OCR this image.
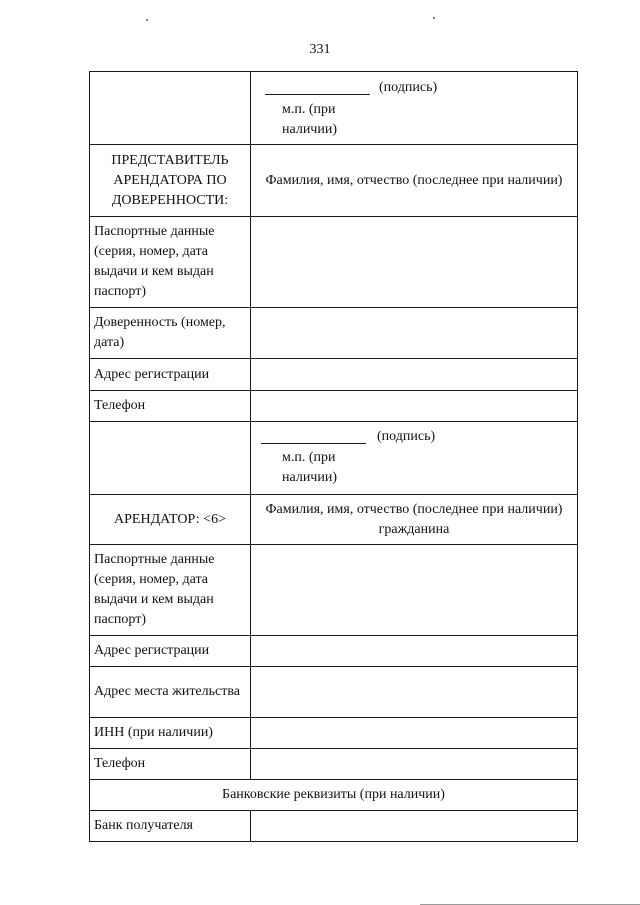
331

	(подпись)
м.п. (при наличии)

ПРЕДСТАВИТЕЛЬ АРЕНДАТОРА ПО ДОВЕРЕННОСТИ:	Фамилия, имя, отчество (последнее при наличии)
Паспортные данные (серия, номер, дата выдачи и кем выдан паспорт)	
Доверенность (номер, дата)	
Адрес регистрации	
Телефон	

	(подпись)
м.п. (при наличии)

АРЕНДАТОР: <6>	Фамилия, имя, отчество (последнее при наличии) гражданина
Паспортные данные (серия, номер, дата выдачи и кем выдан паспорт)	
Адрес регистрации	
Адрес места жительства	
ИНН (при наличии)	
Телефон	
Банковские реквизиты (при наличии)	
Банк получателя	
